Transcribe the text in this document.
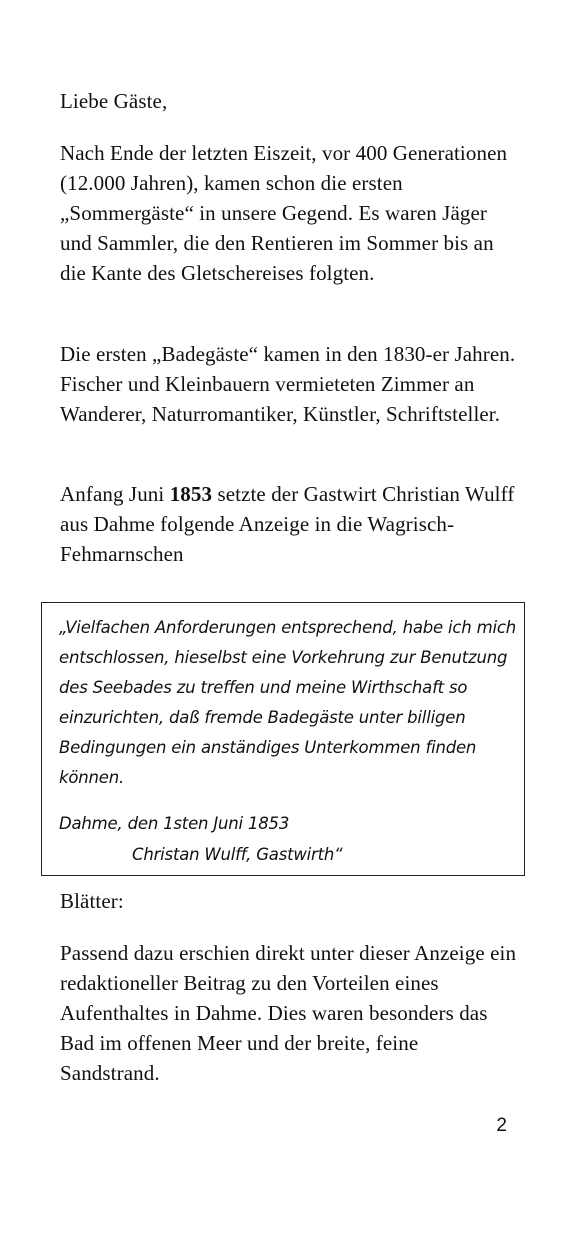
Liebe Gäste,

Nach Ende der letzten Eiszeit, vor 400 Generationen (12.000 Jahren), kamen schon die ersten „Sommergäste“ in unsere Gegend. Es waren Jäger und Sammler, die den Rentieren im Sommer bis an die Kante des Gletschereises folgten.

Die ersten „Badegäste“ kamen in den 1830-er Jahren. Fischer und Kleinbauern vermieteten Zimmer an Wanderer, Naturromantiker, Künstler, Schriftsteller.

Anfang Juni 1853 setzte der Gastwirt Christian Wulff aus Dahme folgende Anzeige in die Wagrisch-Fehmarnschen

„Vielfachen Anforderungen entsprechend, habe ich mich entschlossen, hieselbst eine Vorkehrung zur Benutzung des Seebades zu treffen und meine Wirthschaft so einzurichten, daß fremde Badegäste unter billigen Bedingungen ein anständiges Unterkommen finden können.

Dahme, den 1sten Juni 1853

Christan Wulff, Gastwirth“

Blätter:

Passend dazu erschien direkt unter dieser Anzeige ein redaktioneller Beitrag zu den Vorteilen eines Aufenthaltes in Dahme. Dies waren besonders das Bad im offenen Meer und der breite, feine Sandstrand.

2
